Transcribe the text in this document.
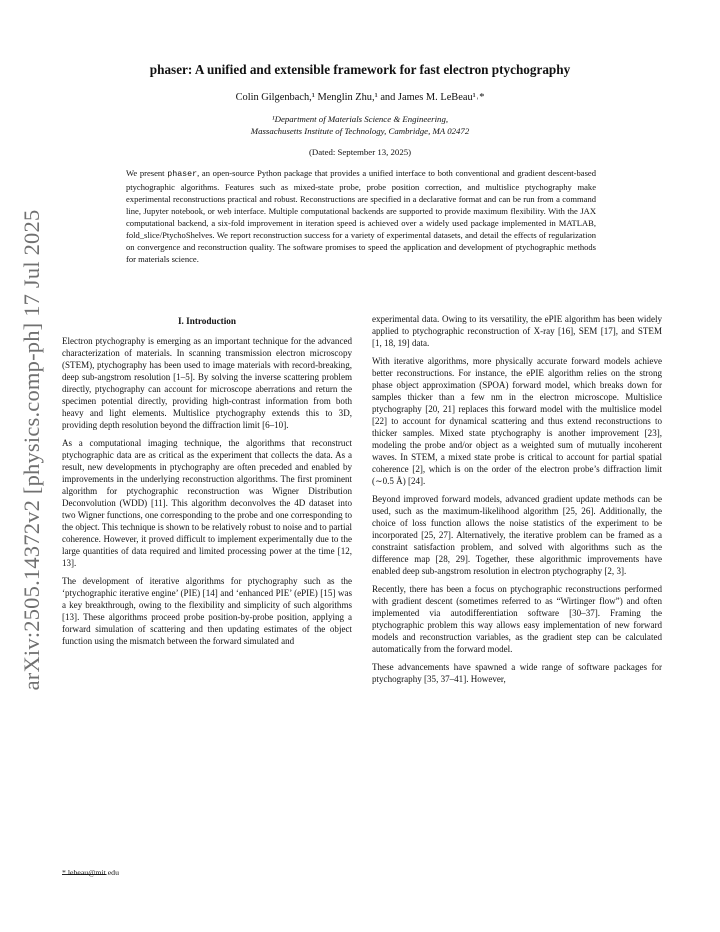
arXiv:2505.14372v2 [physics.comp-ph] 17 Jul 2025
phaser: A unified and extensible framework for fast electron ptychography
Colin Gilgenbach,¹ Menglin Zhu,¹ and James M. LeBeau¹˒*
¹Department of Materials Science & Engineering,
Massachusetts Institute of Technology, Cambridge, MA 02472
(Dated: September 13, 2025)

We present phaser, an open-source Python package that provides a unified interface to both conventional and gradient descent-based ptychographic algorithms. Features such as mixed-state probe, probe position correction, and multislice ptychography make experimental reconstructions practical and robust. Reconstructions are specified in a declarative format and can be run from a command line, Jupyter notebook, or web interface. Multiple computational backends are supported to provide maximum flexibility. With the JAX computational backend, a six-fold improvement in iteration speed is achieved over a widely used package implemented in MATLAB, fold_slice/PtychoShelves. We report reconstruction success for a variety of experimental datasets, and detail the effects of regularization on convergence and reconstruction quality. The software promises to speed the application and development of ptychographic methods for materials science.

I. Introduction

Electron ptychography is emerging as an important technique for the advanced characterization of materials. In scanning transmission electron microscopy (STEM), ptychography has been used to image materials with record-breaking, deep sub-angstrom resolution [1–5]. By solving the inverse scattering problem directly, ptychography can account for microscope aberrations and return the specimen potential directly, providing high-contrast information from both heavy and light elements. Multislice ptychography extends this to 3D, providing depth resolution beyond the diffraction limit [6–10].

As a computational imaging technique, the algorithms that reconstruct ptychographic data are as critical as the experiment that collects the data. As a result, new developments in ptychography are often preceded and enabled by improvements in the underlying reconstruction algorithms. The first prominent algorithm for ptychographic reconstruction was Wigner Distribution Deconvolution (WDD) [11]. This algorithm deconvolves the 4D dataset into two Wigner functions, one corresponding to the probe and one corresponding to the object. This technique is shown to be relatively robust to noise and to partial coherence. However, it proved difficult to implement experimentally due to the large quantities of data required and limited processing power at the time [12, 13].

The development of iterative algorithms for ptychography such as the ‘ptychographic iterative engine’ (PIE) [14] and ‘enhanced PIE’ (ePIE) [15] was a key breakthrough, owing to the flexibility and simplicity of such algorithms [13]. These algorithms proceed probe position-by-probe position, applying a forward simulation of scattering and then updating estimates of the object function using the mismatch between the forward simulated and

experimental data. Owing to its versatility, the ePIE algorithm has been widely applied to ptychographic reconstruction of X-ray [16], SEM [17], and STEM [1, 18, 19] data.

With iterative algorithms, more physically accurate forward models achieve better reconstructions. For instance, the ePIE algorithm relies on the strong phase object approximation (SPOA) forward model, which breaks down for samples thicker than a few nm in the electron microscope. Multislice ptychography [20, 21] replaces this forward model with the multislice model [22] to account for dynamical scattering and thus extend reconstructions to thicker samples. Mixed state ptychography is another improvement [23], modeling the probe and/or object as a weighted sum of mutually incoherent waves. In STEM, a mixed state probe is critical to account for partial spatial coherence [2], which is on the order of the electron probe’s diffraction limit (∼0.5 Å) [24].

Beyond improved forward models, advanced gradient update methods can be used, such as the maximum-likelihood algorithm [25, 26]. Additionally, the choice of loss function allows the noise statistics of the experiment to be incorporated [25, 27]. Alternatively, the iterative problem can be framed as a constraint satisfaction problem, and solved with algorithms such as the difference map [28, 29]. Together, these algorithmic improvements have enabled deep sub-angstrom resolution in electron ptychography [2, 3].

Recently, there has been a focus on ptychographic reconstructions performed with gradient descent (sometimes referred to as “Wirtinger flow”) and often implemented via autodifferentiation software [30–37]. Framing the ptychographic problem this way allows easy implementation of new forward models and reconstruction variables, as the gradient step can be calculated automatically from the forward model.

These advancements have spawned a wide range of software packages for ptychography [35, 37–41]. However,

* lebeau@mit.edu
